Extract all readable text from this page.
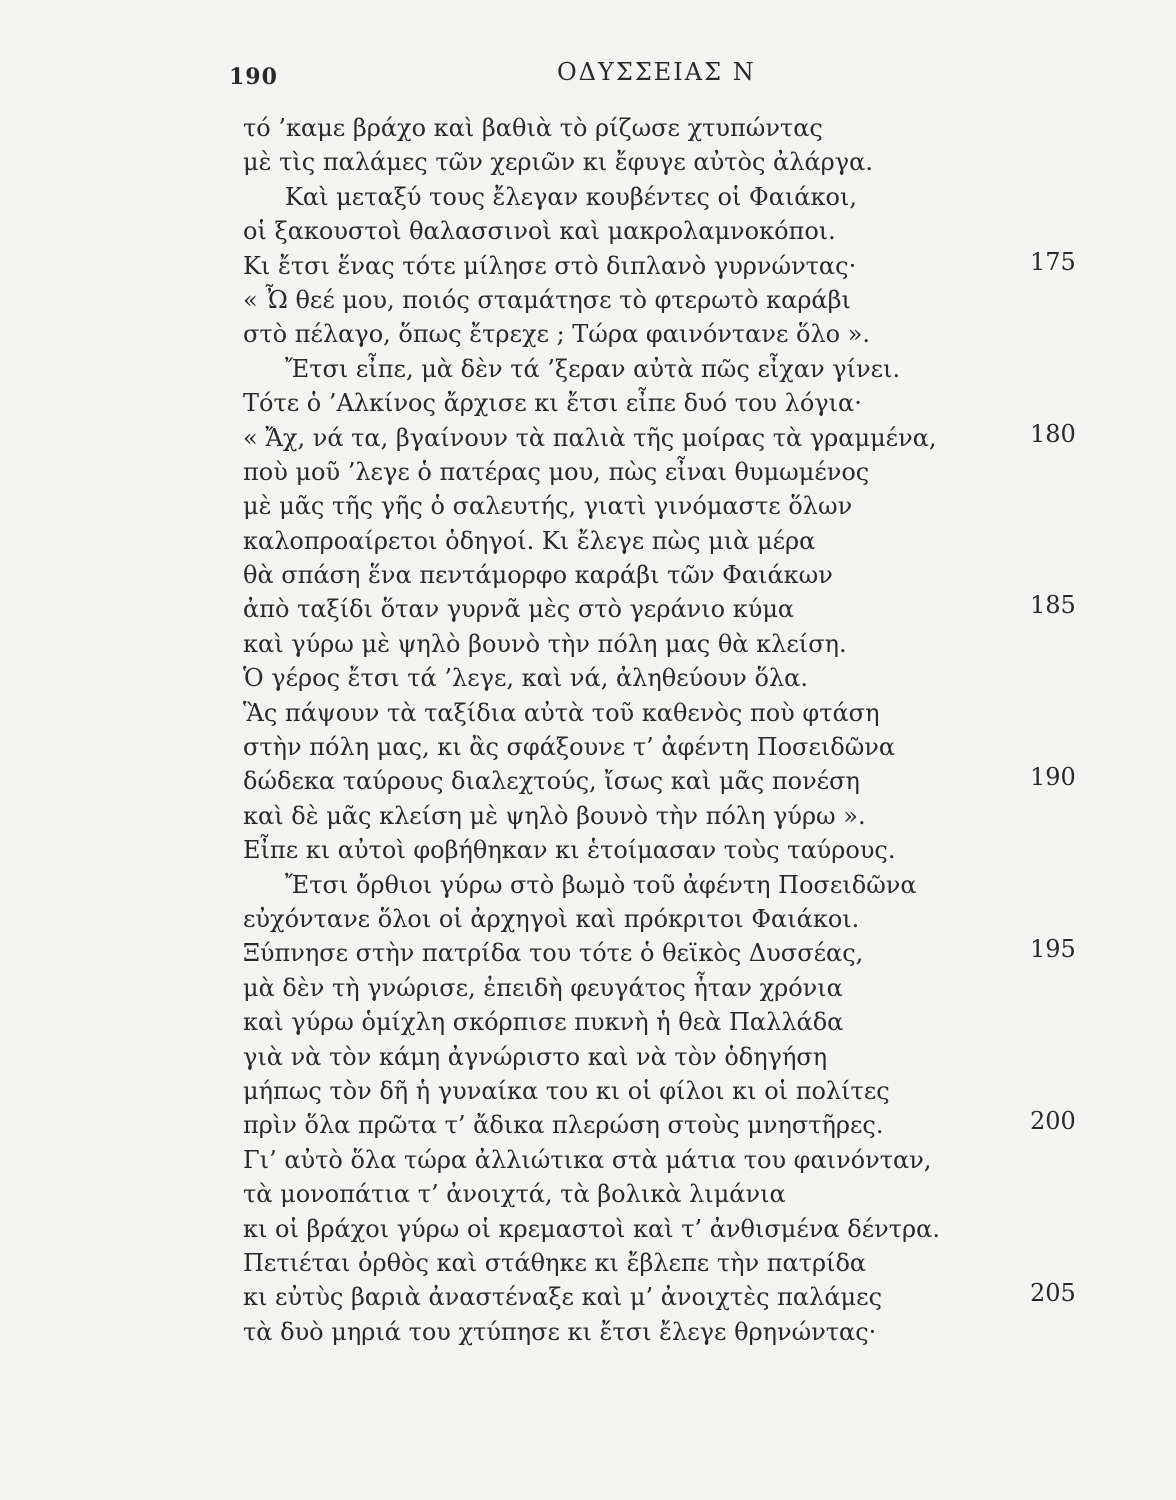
190	ΟΔΥΣΣΕΙΑΣ Ν
τό ’καμε βράχο καὶ βαθιὰ τὸ ρίζωσε χτυπώντας
μὲ τὶς παλάμες τῶν χεριῶν κι ἔφυγε αὐτὸς ἀλάργα.
Καὶ μεταξύ τους ἔλεγαν κουβέντες οἱ Φαιάκοι,
οἱ ξακουστοὶ θαλασσινοὶ καὶ μακρολαμνοκόποι.
Κι ἔτσι ἕνας τότε μίλησε στὸ διπλανὸ γυρνώντας·	175
« Ὦ θεέ μου, ποιός σταμάτησε τὸ φτερωτὸ καράβι
στὸ πέλαγο, ὅπως ἔτρεχε ; Τώρα φαινόντανε ὅλο ».
Ἔτσι εἶπε, μὰ δὲν τά ’ξεραν αὐτὰ πῶς εἶχαν γίνει.
Τότε ὁ ’Αλκίνος ἄρχισε κι ἔτσι εἶπε δυό του λόγια·
« Ἄχ, νά τα, βγαίνουν τὰ παλιὰ τῆς μοίρας τὰ γραμμένα,	180
ποὺ μοῦ ’λεγε ὁ πατέρας μου, πὼς εἶναι θυμωμένος
μὲ μᾶς τῆς γῆς ὁ σαλευτής, γιατὶ γινόμαστε ὅλων
καλοπροαίρετοι ὁδηγοί. Κι ἔλεγε πὼς μιὰ μέρα
θὰ σπάση ἕνα πεντάμορφο καράβι τῶν Φαιάκων
ἀπὸ ταξίδι ὅταν γυρνᾶ μὲς στὸ γεράνιο κύμα	185
καὶ γύρω μὲ ψηλὸ βουνὸ τὴν πόλη μας θὰ κλείση.
Ὁ γέρος ἔτσι τά ’λεγε, καὶ νά, ἀληθεύουν ὅλα.
Ἃς πάψουν τὰ ταξίδια αὐτὰ τοῦ καθενὸς ποὺ φτάση
στὴν πόλη μας, κι ἂς σφάξουνε τ’ ἀφέντη Ποσειδῶνα
δώδεκα ταύρους διαλεχτούς, ἴσως καὶ μᾶς πονέση	190
καὶ δὲ μᾶς κλείση μὲ ψηλὸ βουνὸ τὴν πόλη γύρω ».
Εἶπε κι αὐτοὶ φοβήθηκαν κι ἑτοίμασαν τοὺς ταύρους.
Ἔτσι ὄρθιοι γύρω στὸ βωμὸ τοῦ ἀφέντη Ποσειδῶνα
εὐχόντανε ὅλοι οἱ ἀρχηγοὶ καὶ πρόκριτοι Φαιάκοι.
Ξύπνησε στὴν πατρίδα του τότε ὁ θεϊκὸς Δυσσέας,	195
μὰ δὲν τὴ γνώρισε, ἐπειδὴ φευγάτος ἦταν χρόνια
καὶ γύρω ὁμίχλη σκόρπισε πυκνὴ ἡ θεὰ Παλλάδα
γιὰ νὰ τὸν κάμη ἀγνώριστο καὶ νὰ τὸν ὁδηγήση
μήπως τὸν δῆ ἡ γυναίκα του κι οἱ φίλοι κι οἱ πολίτες
πρὶν ὅλα πρῶτα τ’ ἄδικα πλερώση στοὺς μνηστῆρες.	200
Γι’ αὐτὸ ὅλα τώρα ἀλλιώτικα στὰ μάτια του φαινόνταν,
τὰ μονοπάτια τ’ ἀνοιχτά, τὰ βολικὰ λιμάνια
κι οἱ βράχοι γύρω οἱ κρεμαστοὶ καὶ τ’ ἀνθισμένα δέντρα.
Πετιέται ὀρθὸς καὶ στάθηκε κι ἔβλεπε τὴν πατρίδα
κι εὐτὺς βαριὰ ἀναστέναξε καὶ μ’ ἀνοιχτὲς παλάμες	205
τὰ δυὸ μηριά του χτύπησε κι ἔτσι ἔλεγε θρηνώντας·
